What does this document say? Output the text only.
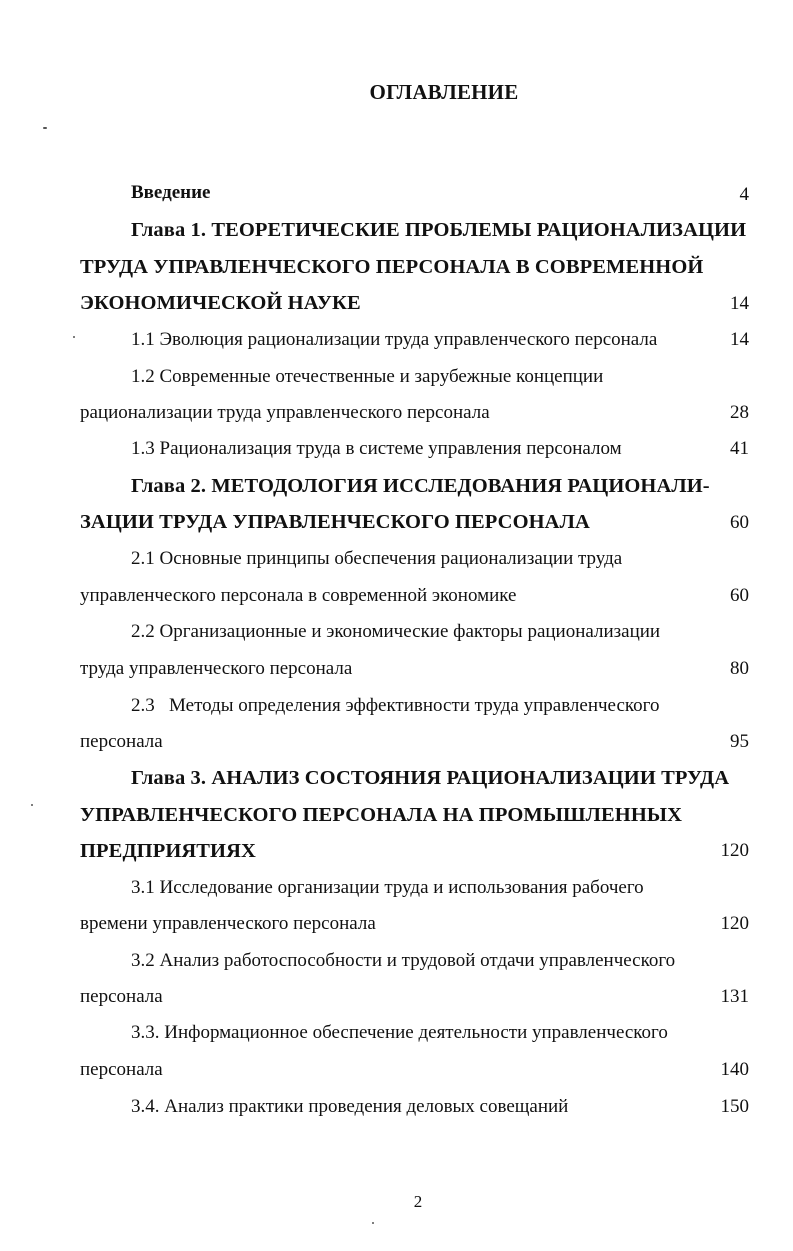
ОГЛАВЛЕНИЕ
Введение	4
Глава 1. ТЕОРЕТИЧЕСКИЕ ПРОБЛЕМЫ РАЦИОНАЛИЗАЦИИ
ТРУДА УПРАВЛЕНЧЕСКОГО ПЕРСОНАЛА В СОВРЕМЕННОЙ
ЭКОНОМИЧЕСКОЙ НАУКЕ	14
1.1 Эволюция рационализации труда управленческого персонала	14
1.2 Современные отечественные и зарубежные концепции
рационализации труда управленческого персонала	28
1.3 Рационализация труда в системе управления персоналом	41
Глава 2. МЕТОДОЛОГИЯ ИССЛЕДОВАНИЯ РАЦИОНАЛИ-
ЗАЦИИ ТРУДА УПРАВЛЕНЧЕСКОГО ПЕРСОНАЛА	60
2.1 Основные принципы обеспечения рационализации труда
управленческого персонала в современной экономике	60
2.2 Организационные и экономические факторы рационализации
труда управленческого персонала	80
2.3   Методы определения эффективности труда управленческого
персонала	95
Глава 3. АНАЛИЗ СОСТОЯНИЯ РАЦИОНАЛИЗАЦИИ ТРУДА
УПРАВЛЕНЧЕСКОГО ПЕРСОНАЛА НА ПРОМЫШЛЕННЫХ
ПРЕДПРИЯТИЯХ	120
3.1 Исследование организации труда и использования рабочего
времени управленческого персонала	120
3.2 Анализ работоспособности и трудовой отдачи управленческого
персонала	131
3.3. Информационное обеспечение деятельности управленческого
персонала	140
3.4. Анализ практики проведения деловых совещаний	150
2
